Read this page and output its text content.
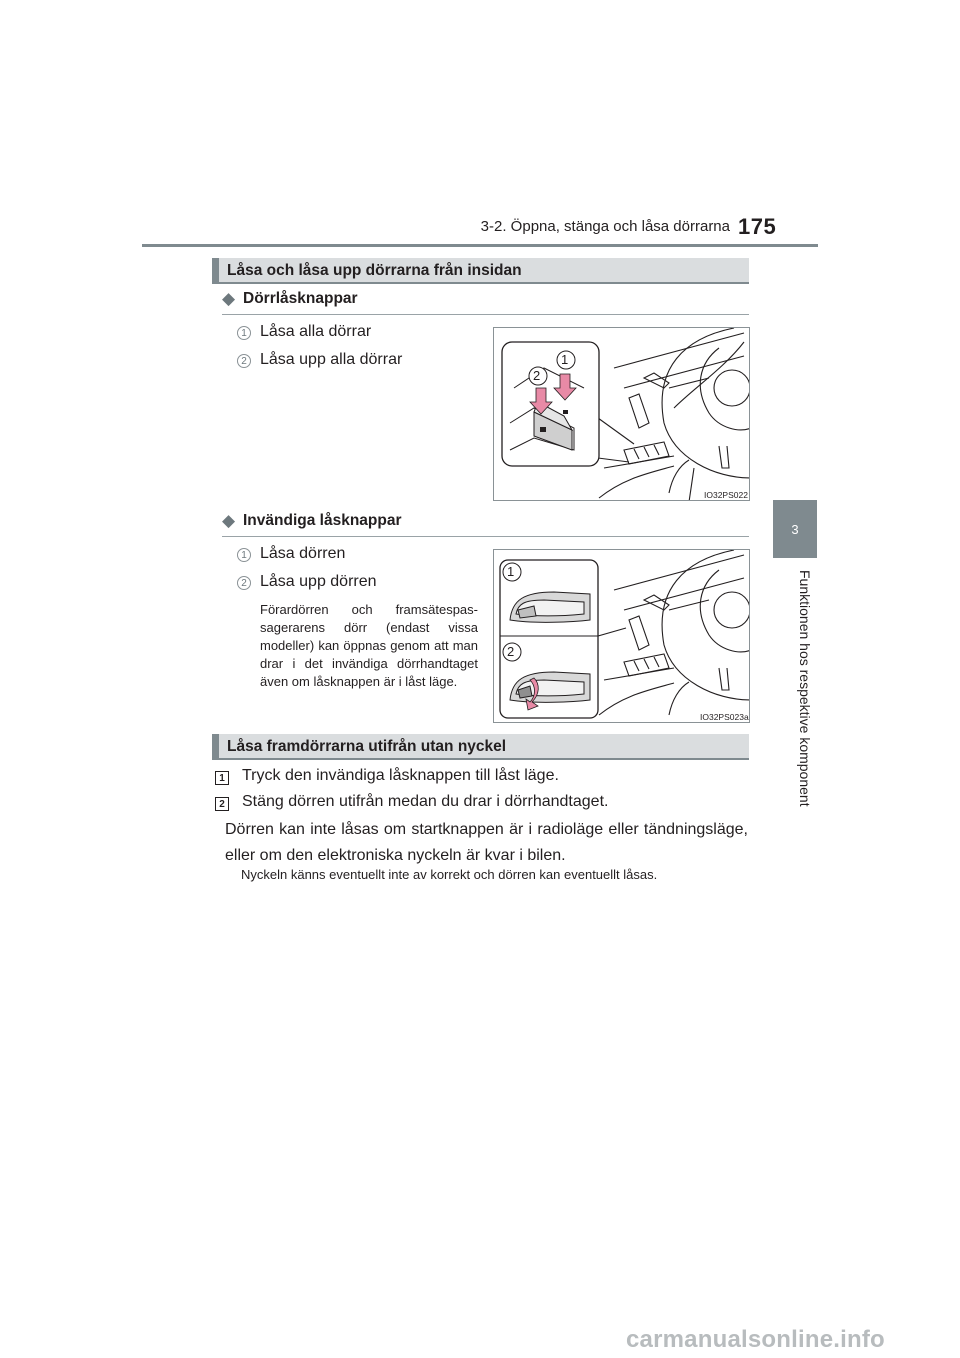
3-2. Öppna, stänga och låsa dörrarna 175
3
Funktionen hos respektive komponent
Låsa och låsa upp dörrarna från insidan
◆ Dörrlåsknappar
1 Låsa alla dörrar
2 Låsa upp alla dörrar
2
1
IO32PS022
◆ Invändiga låsknappar
1 Låsa dörren
2 Låsa upp dörren
Förardörren och framsätespassagerarens dörr (endast vissa modeller) kan öppnas genom att man drar i det invändiga dörrhandtaget även om låsknappen är i låst läge.
1
2
IO32PS023a
Låsa framdörrarna utifrån utan nyckel
1 Tryck den invändiga låsknappen till låst läge.
2 Stäng dörren utifrån medan du drar i dörrhandtaget.
Dörren kan inte låsas om startknappen är i radioläge eller tändningsläge, eller om den elektroniska nyckeln är kvar i bilen.
Nyckeln känns eventuellt inte av korrekt och dörren kan eventuellt låsas.
carmanualsonline.info
